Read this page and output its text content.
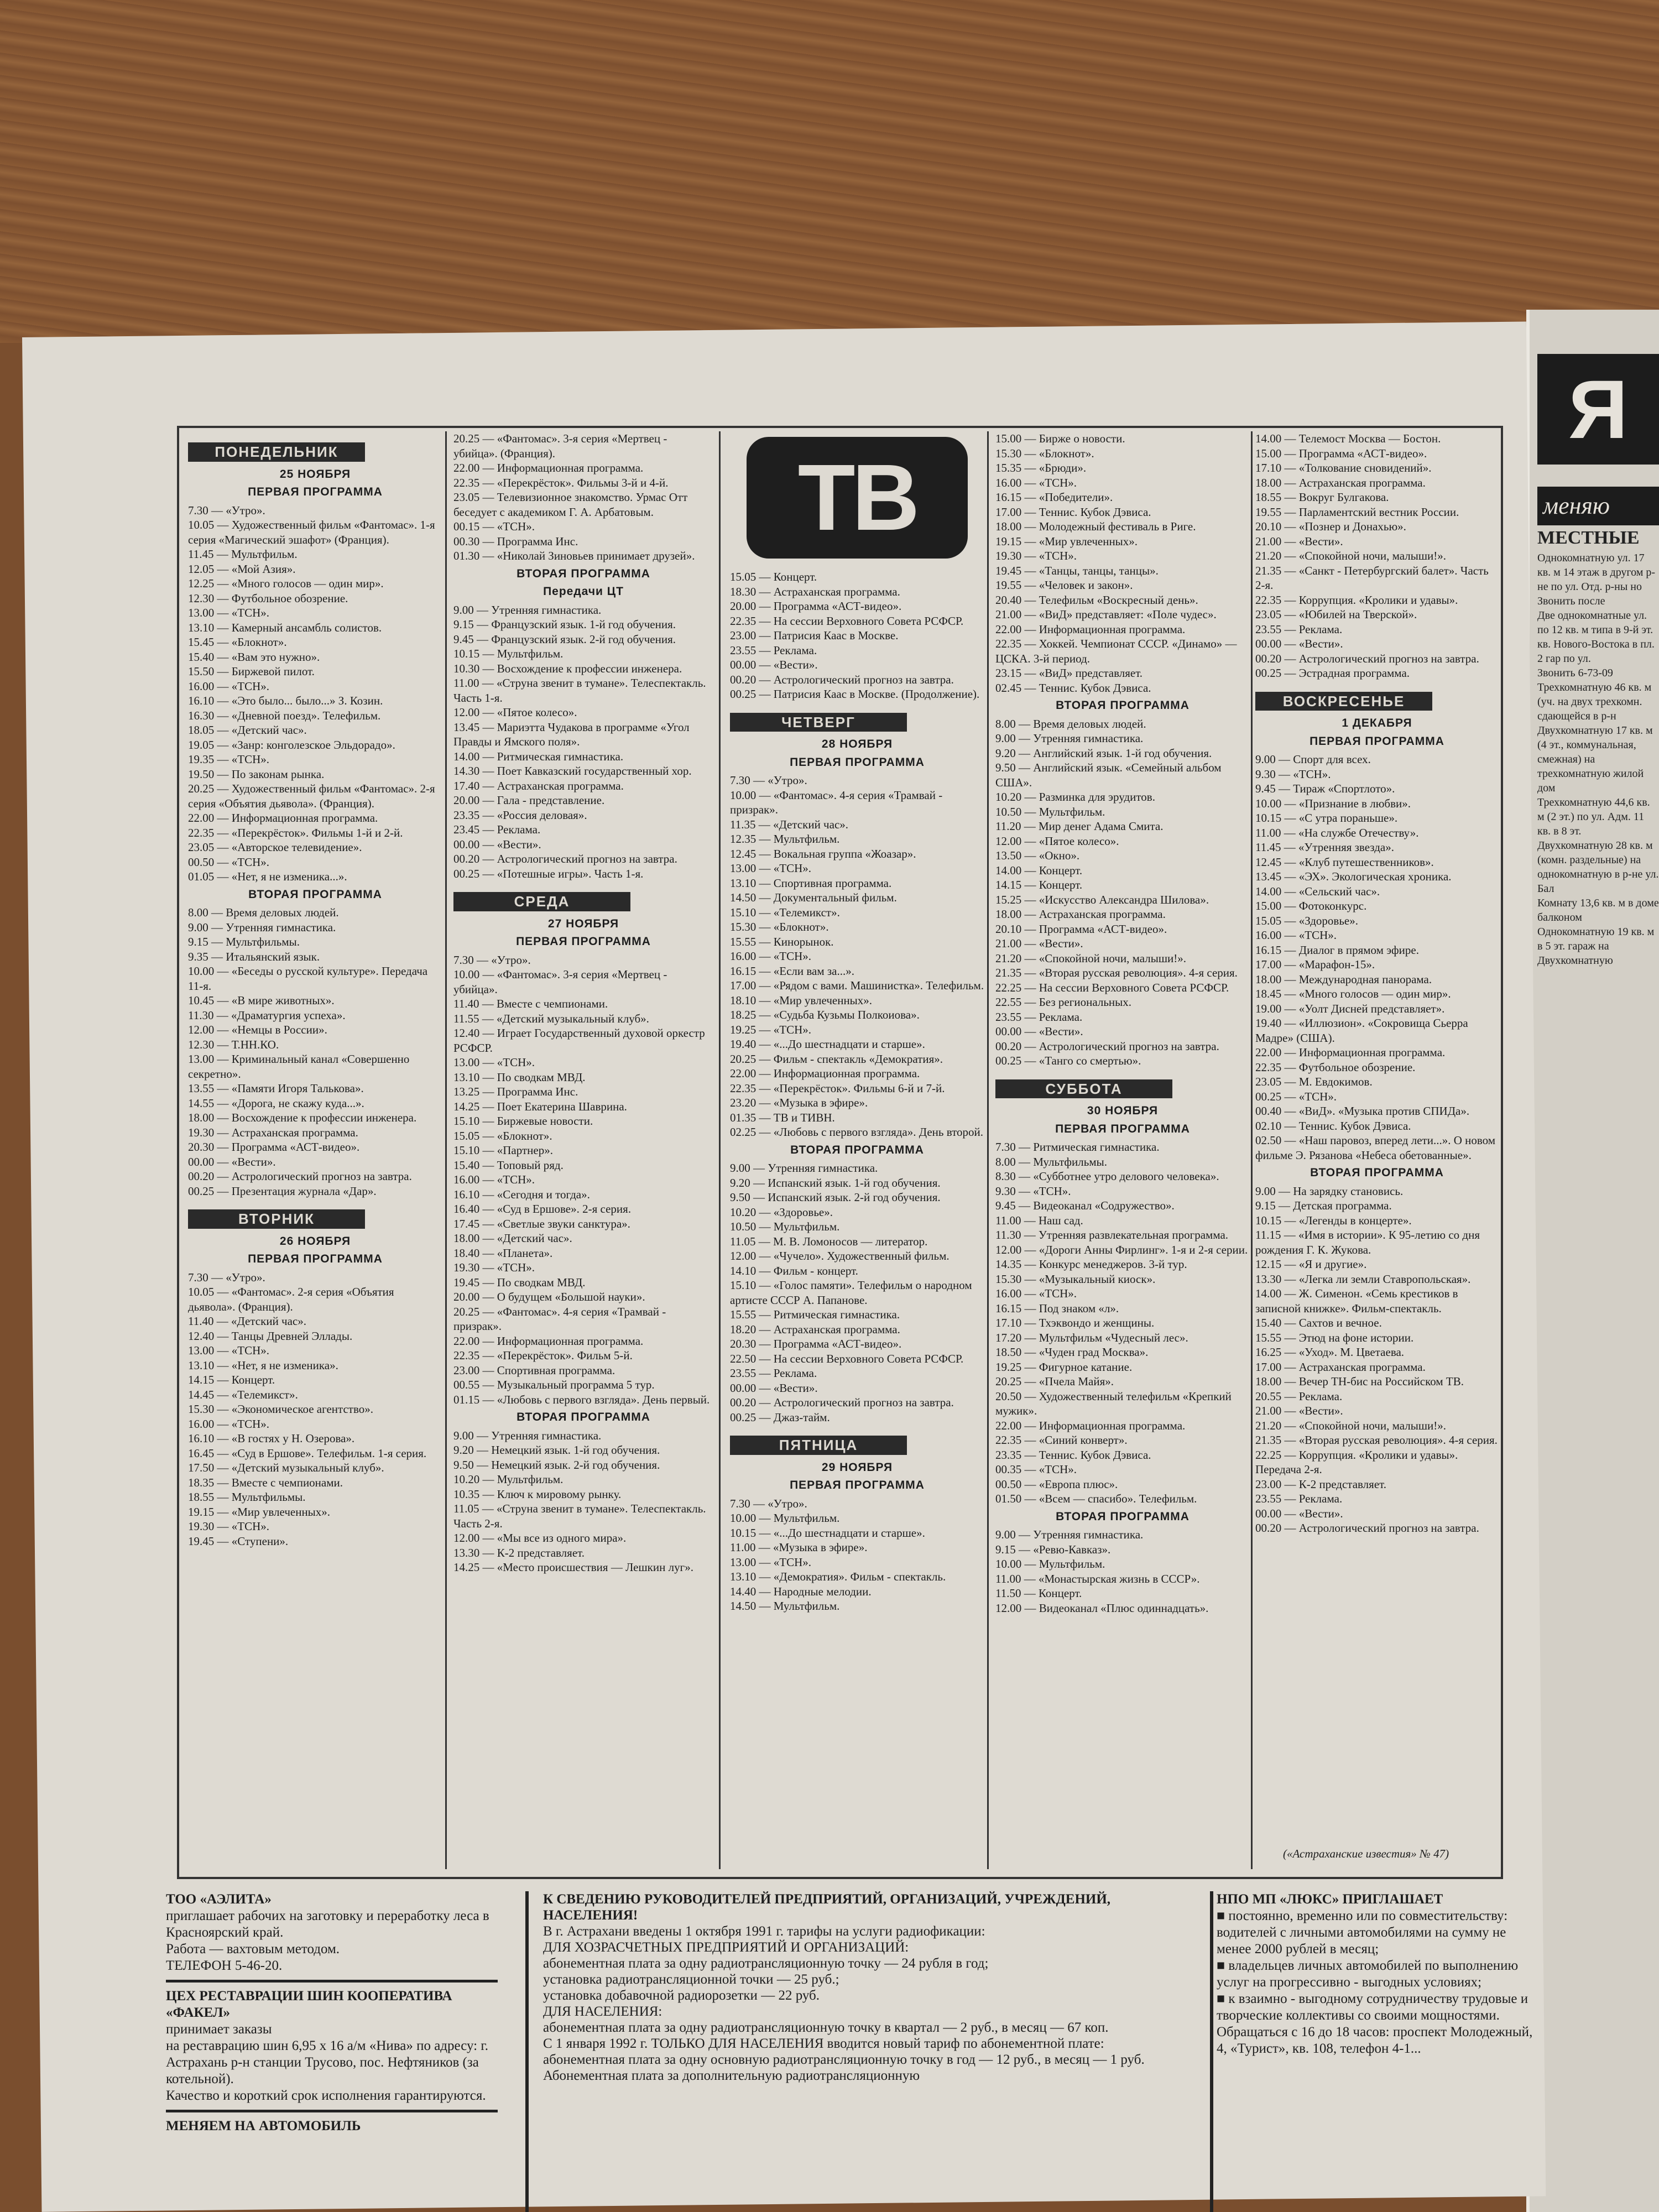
ПОНЕДЕЛЬНИК
25 НОЯБРЯ
ПЕРВАЯ ПРОГРАММА
7.30 — «Утро».
10.05 — Художественный фильм «Фантомас». 1-я серия «Магический эшафот» (Франция).
11.45 — Мультфильм.
12.05 — «Мой Азия».
12.25 — «Много голосов — один мир».
12.30 — Футбольное обозрение.
13.00 — «ТСН».
13.10 — Камерный ансамбль солистов.
15.45 — «Блокнот».
15.40 — «Вам это нужно».
15.50 — Биржевой пилот.
16.00 — «ТСН».
16.10 — «Это было... было...» З. Козин.
16.30 — «Дневной поезд». Телефильм.
18.05 — «Детский час».
19.05 — «Занр: конголезское Эльдорадо».
19.35 — «ТСН».
19.50 — По законам рынка.
20.25 — Художественный фильм «Фантомас». 2-я серия «Объятия дьявола». (Франция).
22.00 — Информационная программа.
22.35 — «Перекрёсток». Фильмы 1-й и 2-й.
23.05 — «Авторское телевидение».
00.50 — «ТСН».
01.05 — «Нет, я не изменика...».
ВТОРАЯ ПРОГРАММА
8.00 — Время деловых людей.
9.00 — Утренняя гимнастика.
9.15 — Мультфильмы.
9.35 — Итальянский язык.
10.00 — «Беседы о русской культуре». Передача 11-я.
10.45 — «В мире животных».
11.30 — «Драматургия успеха».
12.00 — «Немцы в России».
12.30 — Т.НН.КО.
13.00 — Криминальный канал «Совершенно секретно».
13.55 — «Памяти Игоря Талькова».
14.55 — «Дорога, не скажу куда...».
18.00 — Восхождение к профессии инженера.
19.30 — Астраханская программа.
20.30 — Программа «АСТ-видео».
00.00 — «Вести».
00.20 — Астрологический прогноз на завтра.
00.25 — Презентация журнала «Дар».
ВТОРНИК
26 НОЯБРЯ
ПЕРВАЯ ПРОГРАММА
7.30 — «Утро».
10.05 — «Фантомас». 2-я серия «Объятия дьявола». (Франция).
11.40 — «Детский час».
12.40 — Танцы Древней Эллады.
13.00 — «ТСН».
13.10 — «Нет, я не изменика».
14.15 — Концерт.
14.45 — «Телемикст».
15.30 — «Экономическое агентство».
16.00 — «ТСН».
16.10 — «В гостях у Н. Озерова».
16.45 — «Суд в Ершове». Телефильм. 1-я серия.
17.50 — «Детский музыкальный клуб».
18.35 — Вместе с чемпионами.
18.55 — Мультфильмы.
19.15 — «Мир увлеченных».
19.30 — «ТСН».
19.45 — «Ступени».
20.25 — «Фантомас». 3-я серия «Мертвец - убийца». (Франция).
22.00 — Информационная программа.
22.35 — «Перекрёсток». Фильмы 3-й и 4-й.
23.05 — Телевизионное знакомство. Урмас Отт беседует с академиком Г. А. Арбатовым.
00.15 — «ТСН».
00.30 — Программа Инс.
01.30 — «Николай Зиновьев принимает друзей».
ВТОРАЯ ПРОГРАММА
Передачи ЦТ
9.00 — Утренняя гимнастика.
9.15 — Французский язык. 1-й год обучения.
9.45 — Французский язык. 2-й год обучения.
10.15 — Мультфильм.
10.30 — Восхождение к профессии инженера.
11.00 — «Струна звенит в тумане». Телеспектакль. Часть 1-я.
12.00 — «Пятое колесо».
13.45 — Мариэтта Чудакова в программе «Угол Правды и Ямского поля».
14.00 — Ритмическая гимнастика.
14.30 — Поет Кавказский государственный хор.
17.40 — Астраханская программа.
20.00 — Гала - представление.
23.35 — «Россия деловая».
23.45 — Реклама.
00.00 — «Вести».
00.20 — Астрологический прогноз на завтра.
00.25 — «Потешные игры». Часть 1-я.
СРЕДА
27 НОЯБРЯ
ПЕРВАЯ ПРОГРАММА
7.30 — «Утро».
10.00 — «Фантомас». 3-я серия «Мертвец - убийца».
11.40 — Вместе с чемпионами.
11.55 — «Детский музыкальный клуб».
12.40 — Играет Государственный духовой оркестр РСФСР.
13.00 — «ТСН».
13.10 — По сводкам МВД.
13.25 — Программа Инс.
14.25 — Поет Екатерина Шаврина.
15.10 — Биржевые новости.
15.05 — «Блокнот».
15.10 — «Партнер».
15.40 — Топовый ряд.
16.00 — «ТСН».
16.10 — «Сегодня и тогда».
16.40 — «Суд в Ершове». 2-я серия.
17.45 — «Светлые звуки санктура».
18.00 — «Детский час».
18.40 — «Планета».
19.30 — «ТСН».
19.45 — По сводкам МВД.
20.00 — О будущем «Большой науки».
20.25 — «Фантомас». 4-я серия «Трамвай - призрак».
22.00 — Информационная программа.
22.35 — «Перекрёсток». Фильм 5-й.
23.00 — Спортивная программа.
00.55 — Музыкальный программа 5 тур.
01.15 — «Любовь с первого взгляда». День первый.
ВТОРАЯ ПРОГРАММА
9.00 — Утренняя гимнастика.
9.20 — Немецкий язык. 1-й год обучения.
9.50 — Немецкий язык. 2-й год обучения.
10.20 — Мультфильм.
10.35 — Ключ к мировому рынку.
11.05 — «Струна звенит в тумане». Телеспектакль. Часть 2-я.
12.00 — «Мы все из одного мира».
13.30 — К-2 представляет.
14.25 — «Место происшествия — Лешкин луг».
ТВ
15.05 — Концерт.
18.30 — Астраханская программа.
20.00 — Программа «АСТ-видео».
22.35 — На сессии Верховного Совета РСФСР.
23.00 — Патрисия Каас в Москве.
23.55 — Реклама.
00.00 — «Вести».
00.20 — Астрологический прогноз на завтра.
00.25 — Патрисия Каас в Москве. (Продолжение).
ЧЕТВЕРГ
28 НОЯБРЯ
ПЕРВАЯ ПРОГРАММА
7.30 — «Утро».
10.00 — «Фантомас». 4-я серия «Трамвай - призрак».
11.35 — «Детский час».
12.35 — Мультфильм.
12.45 — Вокальная группа «Жоазар».
13.00 — «ТСН».
13.10 — Спортивная программа.
14.50 — Документальный фильм.
15.10 — «Телемикст».
15.30 — «Блокнот».
15.55 — Кинорынок.
16.00 — «ТСН».
16.15 — «Если вам за...».
17.00 — «Рядом с вами. Машинистка». Телефильм.
18.10 — «Мир увлеченных».
18.25 — «Судьба Кузьмы Полкоиова».
19.25 — «ТСН».
19.40 — «...До шестнадцати и старше».
20.25 — Фильм - спектакль «Демократия».
22.00 — Информационная программа.
22.35 — «Перекрёсток». Фильмы 6-й и 7-й.
23.20 — «Музыка в эфире».
01.35 — ТВ и ТИВН.
02.25 — «Любовь с первого взгляда». День второй.
ВТОРАЯ ПРОГРАММА
9.00 — Утренняя гимнастика.
9.20 — Испанский язык. 1-й год обучения.
9.50 — Испанский язык. 2-й год обучения.
10.20 — «Здоровье».
10.50 — Мультфильм.
11.05 — М. В. Ломоносов — литератор.
12.00 — «Чучело». Художественный фильм.
14.10 — Фильм - концерт.
15.10 — «Голос памяти». Телефильм о народном артисте СССР А. Папанове.
15.55 — Ритмическая гимнастика.
18.20 — Астраханская программа.
20.30 — Программа «АСТ-видео».
22.50 — На сессии Верховного Совета РСФСР.
23.55 — Реклама.
00.00 — «Вести».
00.20 — Астрологический прогноз на завтра.
00.25 — Джаз-тайм.
ПЯТНИЦА
29 НОЯБРЯ
ПЕРВАЯ ПРОГРАММА
7.30 — «Утро».
10.00 — Мультфильм.
10.15 — «...До шестнадцати и старше».
11.00 — «Музыка в эфире».
13.00 — «ТСН».
13.10 — «Демократия». Фильм - спектакль.
14.40 — Народные мелодии.
14.50 — Мультфильм.
15.00 — Бирже о новости.
15.30 — «Блокнот».
15.35 — «Брюди».
16.00 — «ТСН».
16.15 — «Победители».
17.00 — Теннис. Кубок Дэвиса.
18.00 — Молодежный фестиваль в Риге.
19.15 — «Мир увлеченных».
19.30 — «ТСН».
19.45 — «Танцы, танцы, танцы».
19.55 — «Человек и закон».
20.40 — Телефильм «Воскресный день».
21.00 — «ВиД» представляет: «Поле чудес».
22.00 — Информационная программа.
22.35 — Хоккей. Чемпионат СССР. «Динамо» — ЦСКА. 3-й период.
23.15 — «ВиД» представляет.
02.45 — Теннис. Кубок Дэвиса.
ВТОРАЯ ПРОГРАММА
8.00 — Время деловых людей.
9.00 — Утренняя гимнастика.
9.20 — Английский язык. 1-й год обучения.
9.50 — Английский язык. «Семейный альбом США».
10.20 — Разминка для эрудитов.
10.50 — Мультфильм.
11.20 — Мир денег Адама Смита.
12.00 — «Пятое колесо».
13.50 — «Окно».
14.00 — Концерт.
14.15 — Концерт.
15.25 — «Искусство Александра Шилова».
18.00 — Астраханская программа.
20.10 — Программа «АСТ-видео».
21.00 — «Вести».
21.20 — «Спокойной ночи, малыши!».
21.35 — «Вторая русская революция». 4-я серия.
22.25 — На сессии Верховного Совета РСФСР.
22.55 — Без региональных.
23.55 — Реклама.
00.00 — «Вести».
00.20 — Астрологический прогноз на завтра.
00.25 — «Танго со смертью».
СУББОТА
30 НОЯБРЯ
ПЕРВАЯ ПРОГРАММА
7.30 — Ритмическая гимнастика.
8.00 — Мультфильмы.
8.30 — «Субботнее утро делового человека».
9.30 — «ТСН».
9.45 — Видеоканал «Содружество».
11.00 — Наш сад.
11.30 — Утренняя развлекательная программа.
12.00 — «Дороги Анны Фирлинг». 1-я и 2-я серии.
14.35 — Конкурс менеджеров. 3-й тур.
15.30 — «Музыкальный киоск».
16.00 — «ТСН».
16.15 — Под знаком «л».
17.10 — Тхэквондо и женщины.
17.20 — Мультфильм «Чудесный лес».
18.50 — «Чуден град Москва».
19.25 — Фигурное катание.
20.25 — «Пчела Майя».
20.50 — Художественный телефильм «Крепкий мужик».
22.00 — Информационная программа.
22.35 — «Синий конверт».
23.35 — Теннис. Кубок Дэвиса.
00.35 — «ТСН».
00.50 — «Европа плюс».
01.50 — «Всем — спасибо». Телефильм.
ВТОРАЯ ПРОГРАММА
9.00 — Утренняя гимнастика.
9.15 — «Ревю-Кавказ».
10.00 — Мультфильм.
11.00 — «Монастырская жизнь в СССР».
11.50 — Концерт.
12.00 — Видеоканал «Плюс одиннадцать».
14.00 — Телемост Москва — Бостон.
15.00 — Программа «АСТ-видео».
17.10 — «Толкование сновидений».
18.00 — Астраханская программа.
18.55 — Вокруг Булгакова.
19.55 — Парламентский вестник России.
20.10 — «Познер и Донахью».
21.00 — «Вести».
21.20 — «Спокойной ночи, малыши!».
21.35 — «Санкт - Петербургский балет». Часть 2-я.
22.35 — Коррупция. «Кролики и удавы».
23.05 — «Юбилей на Тверской».
23.55 — Реклама.
00.00 — «Вести».
00.20 — Астрологический прогноз на завтра.
00.25 — Эстрадная программа.
ВОСКРЕСЕНЬЕ
1 ДЕКАБРЯ
ПЕРВАЯ ПРОГРАММА
9.00 — Спорт для всех.
9.30 — «ТСН».
9.45 — Тираж «Спортлото».
10.00 — «Признание в любви».
10.15 — «С утра пораньше».
11.00 — «На службе Отечеству».
11.45 — «Утренняя звезда».
12.45 — «Клуб путешественников».
13.45 — «ЭХ». Экологическая хроника.
14.00 — «Сельский час».
15.00 — Фотоконкурс.
15.05 — «Здоровье».
16.00 — «ТСН».
16.15 — Диалог в прямом эфире.
17.00 — «Марафон-15».
18.00 — Международная панорама.
18.45 — «Много голосов — один мир».
19.00 — «Уолт Дисней представляет».
19.40 — «Иллюзион». «Сокровища Сьерра Мадре» (США).
22.00 — Информационная программа.
22.35 — Футбольное обозрение.
23.05 — М. Евдокимов.
00.25 — «ТСН».
00.40 — «ВиД». «Музыка против СПИДа».
02.10 — Теннис. Кубок Дэвиса.
02.50 — «Наш паровоз, вперед лети...». О новом фильме Э. Рязанова «Небеса обетованные».
ВТОРАЯ ПРОГРАММА
9.00 — На зарядку становись.
9.15 — Детская программа.
10.15 — «Легенды в концерте».
11.15 — «Имя в истории». К 95-летию со дня рождения Г. К. Жукова.
12.15 — «Я и другие».
13.30 — «Легка ли земли Ставропольская».
14.00 — Ж. Сименон. «Семь крестиков в записной книжке». Фильм-спектакль.
15.40 — Сахтов и вечное.
15.55 — Этюд на фоне истории.
16.25 — «Уход». М. Цветаева.
17.00 — Астраханская программа.
18.00 — Вечер ТН-бис на Российском ТВ.
20.55 — Реклама.
21.00 — «Вести».
21.20 — «Спокойной ночи, малыши!».
21.35 — «Вторая русская революция». 4-я серия.
22.25 — Коррупция. «Кролики и удавы». Передача 2-я.
23.00 — К-2 представляет.
23.55 — Реклама.
00.00 — «Вести».
00.20 — Астрологический прогноз на завтра.
(«Астраханские известия» № 47)
ТОО «АЭЛИТА»
приглашает рабочих на заготовку и переработку леса в Красноярский край.
Работа — вахтовым методом.
ТЕЛЕФОН 5-46-20.
ЦЕХ РЕСТАВРАЦИИ ШИН КООПЕРАТИВА «ФАКЕЛ»
принимает заказы
на реставрацию шин 6,95 x 16 а/м «Нива» по адресу: г. Астрахань р-н станции Трусово, пос. Нефтяников (за котельной).
Качество и короткий срок исполнения гарантируются.
МЕНЯЕМ НА АВТОМОБИЛЬ
К СВЕДЕНИЮ РУКОВОДИТЕЛЕЙ ПРЕДПРИЯТИЙ, ОРГАНИЗАЦИЙ, УЧРЕЖДЕНИЙ, НАСЕЛЕНИЯ!
В г. Астрахани введены 1 октября 1991 г. тарифы на услуги радиофикации:
ДЛЯ ХОЗРАСЧЕТНЫХ ПРЕДПРИЯТИЙ И ОРГАНИЗАЦИЙ:
абонементная плата за одну радиотрансляционную точку — 24 рубля в год;
установка радиотрансляционной точки — 25 руб.;
установка добавочной радиорозетки — 22 руб.
ДЛЯ НАСЕЛЕНИЯ:
абонементная плата за одну радиотрансляционную точку в квартал — 2 руб., в месяц — 67 коп.
С 1 января 1992 г. ТОЛЬКО ДЛЯ НАСЕЛЕНИЯ вводится новый тариф по абонементной плате:
абонементная плата за одну основную радиотрансляционную точку в год — 12 руб., в месяц — 1 руб.
Абонементная плата за дополнительную радиотрансляционную
НПО МП «ЛЮКС» ПРИГЛАШАЕТ
■ постоянно, временно или по совместительству: водителей с личными автомобилями на сумму не менее 2000 рублей в месяц;
■ владельцев личных автомобилей по выполнению услуг на прогрессивно - выгодных условиях;
■ к взаимно - выгодному сотрудничеству трудовые и творческие коллективы со своими мощностями.
Обращаться с 16 до 18 часов: проспект Молодежный, 4, «Турист», кв. 108, телефон 4-1...
Я
меняю
МЕСТНЫЕ
Однокомнатную ул. 17 кв. м 14 этаж в другом р-не по ул. Отд. р-ны но
Звонить после
Две однокомнатные ул. по 12 кв. м типа в 9-й эт. кв. Нового-Востока в пл. 2 гар по ул.
Звонить 6-73-09
Трехкомнатную 46 кв. м (уч. на двух трехкомн. сдающейся в р-н
Двухкомнатную 17 кв. м (4 эт., коммунальная, смежная) на трехкомнатную жилой дом
Трехкомнатную 44,6 кв. м (2 эт.) по ул. Адм. 11 кв. в 8 эт.
Двухкомнатную 28 кв. м (комн. раздельные) на однокомнатную в р-не ул. Бал
Комнату 13,6 кв. м в доме балконом
Однокомнатную 19 кв. м в 5 эт. гараж на
Двухкомнатную
